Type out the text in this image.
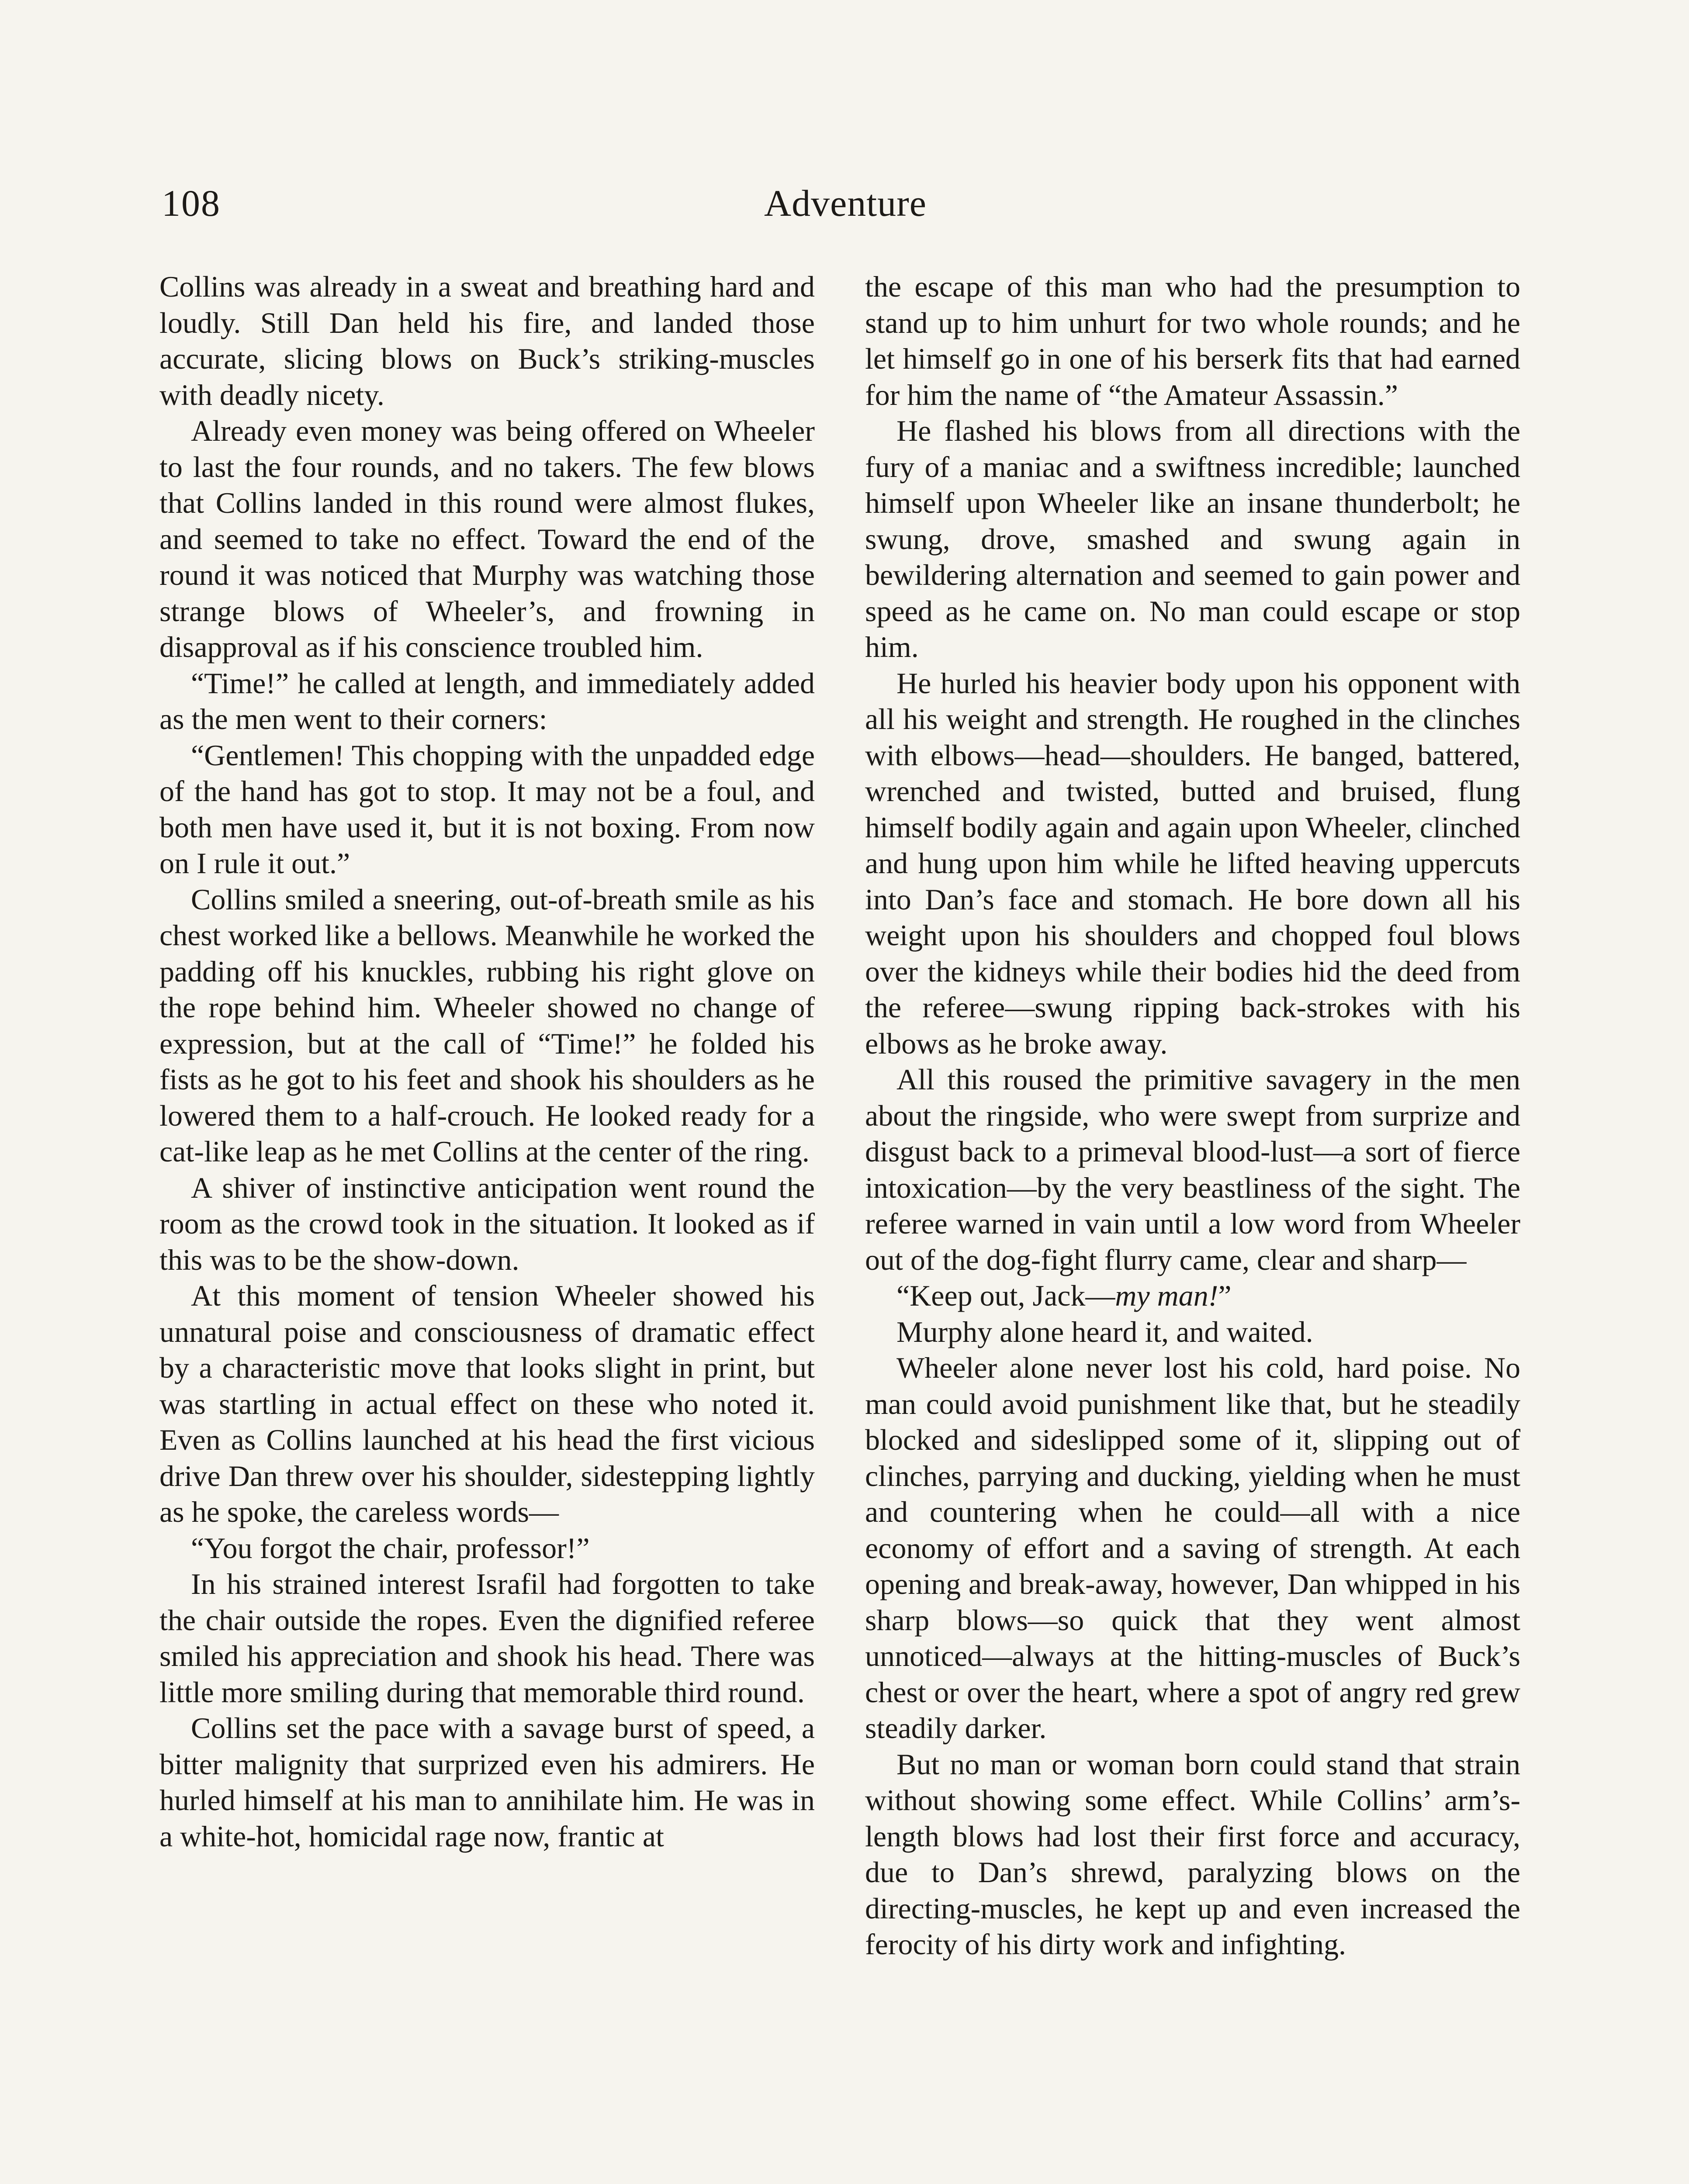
108	Adventure

Collins was already in a sweat and breathing hard and loudly. Still Dan held his fire, and landed those accurate, slicing blows on Buck’s striking-muscles with deadly nicety.

Already even money was being offered on Wheeler to last the four rounds, and no takers. The few blows that Collins landed in this round were almost flukes, and seemed to take no effect. Toward the end of the round it was noticed that Murphy was watching those strange blows of Wheeler’s, and frowning in disapproval as if his conscience troubled him.

“Time!” he called at length, and immediately added as the men went to their corners:

“Gentlemen! This chopping with the unpadded edge of the hand has got to stop. It may not be a foul, and both men have used it, but it is not boxing. From now on I rule it out.”

Collins smiled a sneering, out-of-breath smile as his chest worked like a bellows. Meanwhile he worked the padding off his knuckles, rubbing his right glove on the rope behind him. Wheeler showed no change of expression, but at the call of “Time!” he folded his fists as he got to his feet and shook his shoulders as he lowered them to a half-crouch. He looked ready for a cat-like leap as he met Collins at the center of the ring.

A shiver of instinctive anticipation went round the room as the crowd took in the situation. It looked as if this was to be the show-down.

At this moment of tension Wheeler showed his unnatural poise and consciousness of dramatic effect by a characteristic move that looks slight in print, but was startling in actual effect on these who noted it. Even as Collins launched at his head the first vicious drive Dan threw over his shoulder, sidestepping lightly as he spoke, the careless words—

“You forgot the chair, professor!”

In his strained interest Israfil had forgotten to take the chair outside the ropes. Even the dignified referee smiled his appreciation and shook his head. There was little more smiling during that memorable third round.

Collins set the pace with a savage burst of speed, a bitter malignity that surprized even his admirers. He hurled himself at his man to annihilate him. He was in a white-hot, homicidal rage now, frantic at

the escape of this man who had the presumption to stand up to him unhurt for two whole rounds; and he let himself go in one of his berserk fits that had earned for him the name of “the Amateur Assassin.”

He flashed his blows from all directions with the fury of a maniac and a swiftness incredible; launched himself upon Wheeler like an insane thunderbolt; he swung, drove, smashed and swung again in bewildering alternation and seemed to gain power and speed as he came on. No man could escape or stop him.

He hurled his heavier body upon his opponent with all his weight and strength. He roughed in the clinches with elbows—head—shoulders. He banged, battered, wrenched and twisted, butted and bruised, flung himself bodily again and again upon Wheeler, clinched and hung upon him while he lifted heaving uppercuts into Dan’s face and stomach. He bore down all his weight upon his shoulders and chopped foul blows over the kidneys while their bodies hid the deed from the referee—swung ripping back-strokes with his elbows as he broke away.

All this roused the primitive savagery in the men about the ringside, who were swept from surprize and disgust back to a primeval blood-lust—a sort of fierce intoxication—by the very beastliness of the sight. The referee warned in vain until a low word from Wheeler out of the dog-fight flurry came, clear and sharp—

“Keep out, Jack—my man!”

Murphy alone heard it, and waited.

Wheeler alone never lost his cold, hard poise. No man could avoid punishment like that, but he steadily blocked and sideslipped some of it, slipping out of clinches, parrying and ducking, yielding when he must and countering when he could—all with a nice economy of effort and a saving of strength. At each opening and break-away, however, Dan whipped in his sharp blows—so quick that they went almost unnoticed—always at the hitting-muscles of Buck’s chest or over the heart, where a spot of angry red grew steadily darker.

But no man or woman born could stand that strain without showing some effect. While Collins’ arm’s-length blows had lost their first force and accuracy, due to Dan’s shrewd, paralyzing blows on the directing-muscles, he kept up and even increased the ferocity of his dirty work and infighting.
